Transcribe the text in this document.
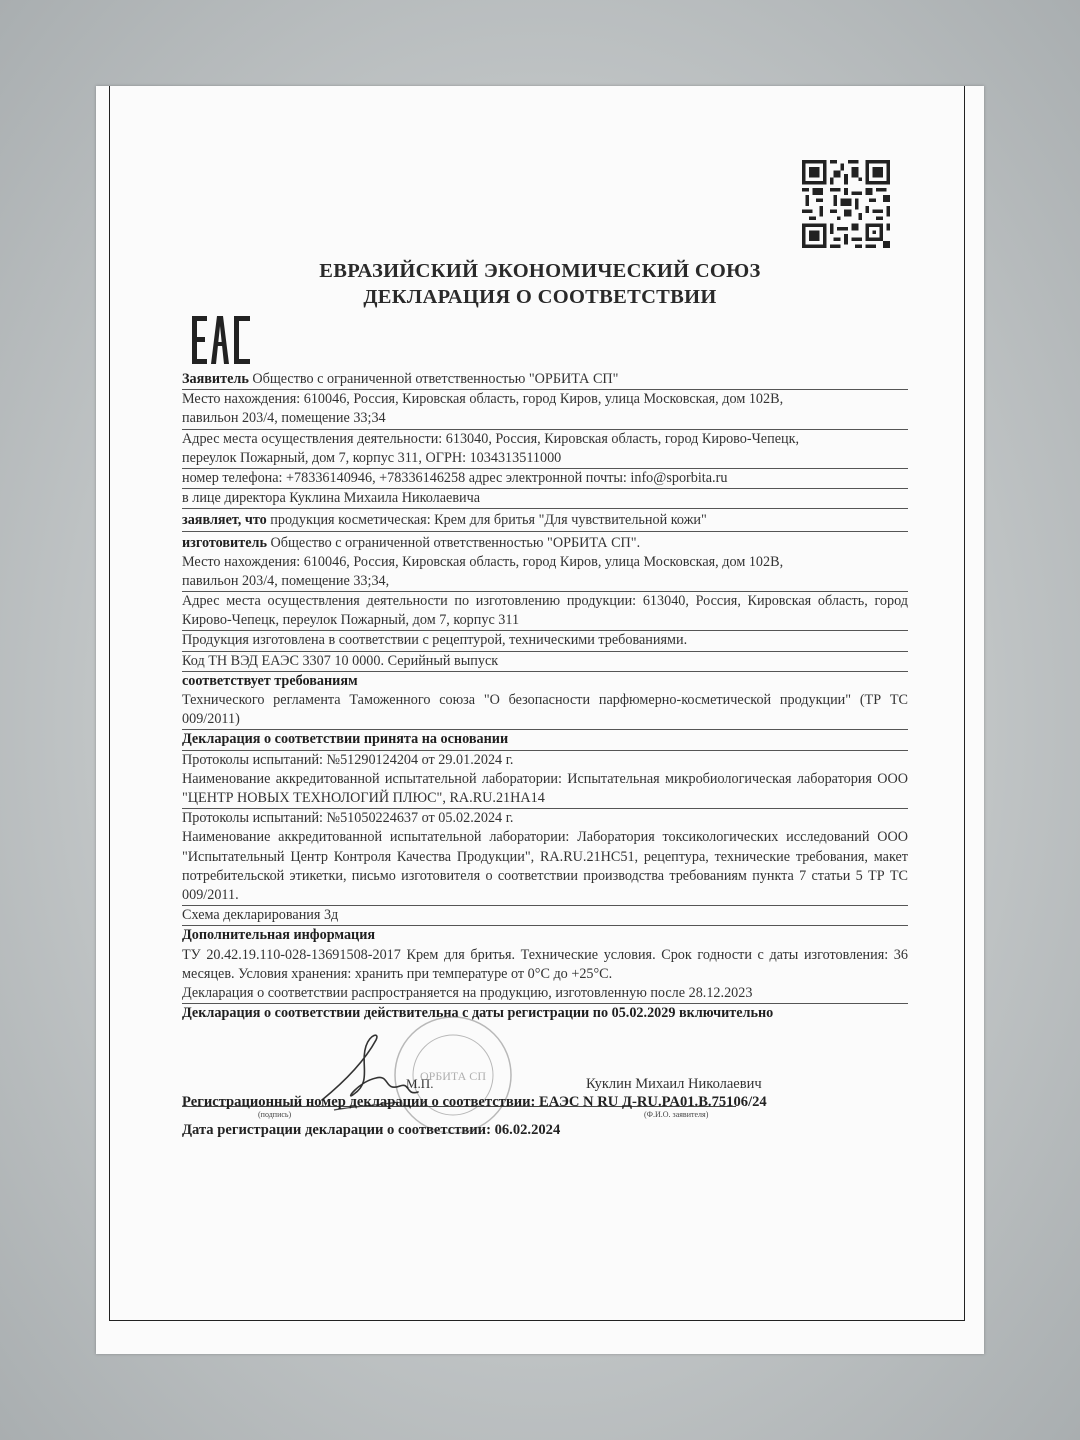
ЕВРАЗИЙСКИЙ ЭКОНОМИЧЕСКИЙ СОЮЗ
ДЕКЛАРАЦИЯ О СООТВЕТСТВИИ
Заявитель Общество с ограниченной ответственностью "ОРБИТА СП"
Место нахождения: 610046, Россия, Кировская область, город Киров, улица Московская, дом 102В,
павильон 203/4, помещение 33;34
Адрес места осуществления деятельности: 613040, Россия, Кировская область, город Кирово-Чепецк,
переулок Пожарный, дом 7, корпус 311, ОГРН: 1034313511000
номер телефона: +78336140946, +78336146258 адрес электронной почты: info@sporbita.ru
в лице директора Куклина Михаила Николаевича
заявляет, что продукция косметическая: Крем для бритья "Для чувствительной кожи"
изготовитель Общество с ограниченной ответственностью "ОРБИТА СП".
Место нахождения: 610046, Россия, Кировская область, город Киров, улица Московская, дом 102В,
павильон 203/4, помещение 33;34,
Адрес места осуществления деятельности по изготовлению продукции: 613040, Россия, Кировская область, город Кирово-Чепецк, переулок Пожарный, дом 7, корпус 311
Продукция изготовлена в соответствии с рецептурой, техническими требованиями.
Код ТН ВЭД ЕАЭС 3307 10 0000. Серийный выпуск
соответствует требованиям
Технического регламента Таможенного союза "О безопасности парфюмерно-косметической продукции" (ТР ТС 009/2011)
Декларация о соответствии принята на основании
Протоколы испытаний: №51290124204 от 29.01.2024 г.
Наименование аккредитованной испытательной лаборатории: Испытательная микробиологическая лаборатория ООО "ЦЕНТР НОВЫХ ТЕХНОЛОГИЙ ПЛЮС", RA.RU.21НА14
Протоколы испытаний: №51050224637 от 05.02.2024 г.
Наименование аккредитованной испытательной лаборатории: Лаборатория токсикологических исследований ООО "Испытательный Центр Контроля Качества Продукции", RA.RU.21НС51, рецептура, технические требования, макет потребительской этикетки, письмо изготовителя о соответствии производства требованиям пункта 7 статьи 5 ТР ТС 009/2011.
Схема декларирования 3д
Дополнительная информация
ТУ 20.42.19.110-028-13691508-2017 Крем для бритья. Технические условия. Срок годности с даты изготовления: 36 месяцев. Условия хранения: хранить при температуре от 0°С до +25°С.
Декларация о соответствии распространяется на продукцию, изготовленную после 28.12.2023
Декларация о соответствии действительна с даты регистрации по 05.02.2029 включительно
ОРБИТА СП
М.П.	Куклин Михаил Николаевич
(подпись)	(Ф.И.О. заявителя)
Регистрационный номер декларации о соответствии: ЕАЭС N RU Д-RU.PA01.B.75106/24
Дата регистрации декларации о соответствии: 06.02.2024
